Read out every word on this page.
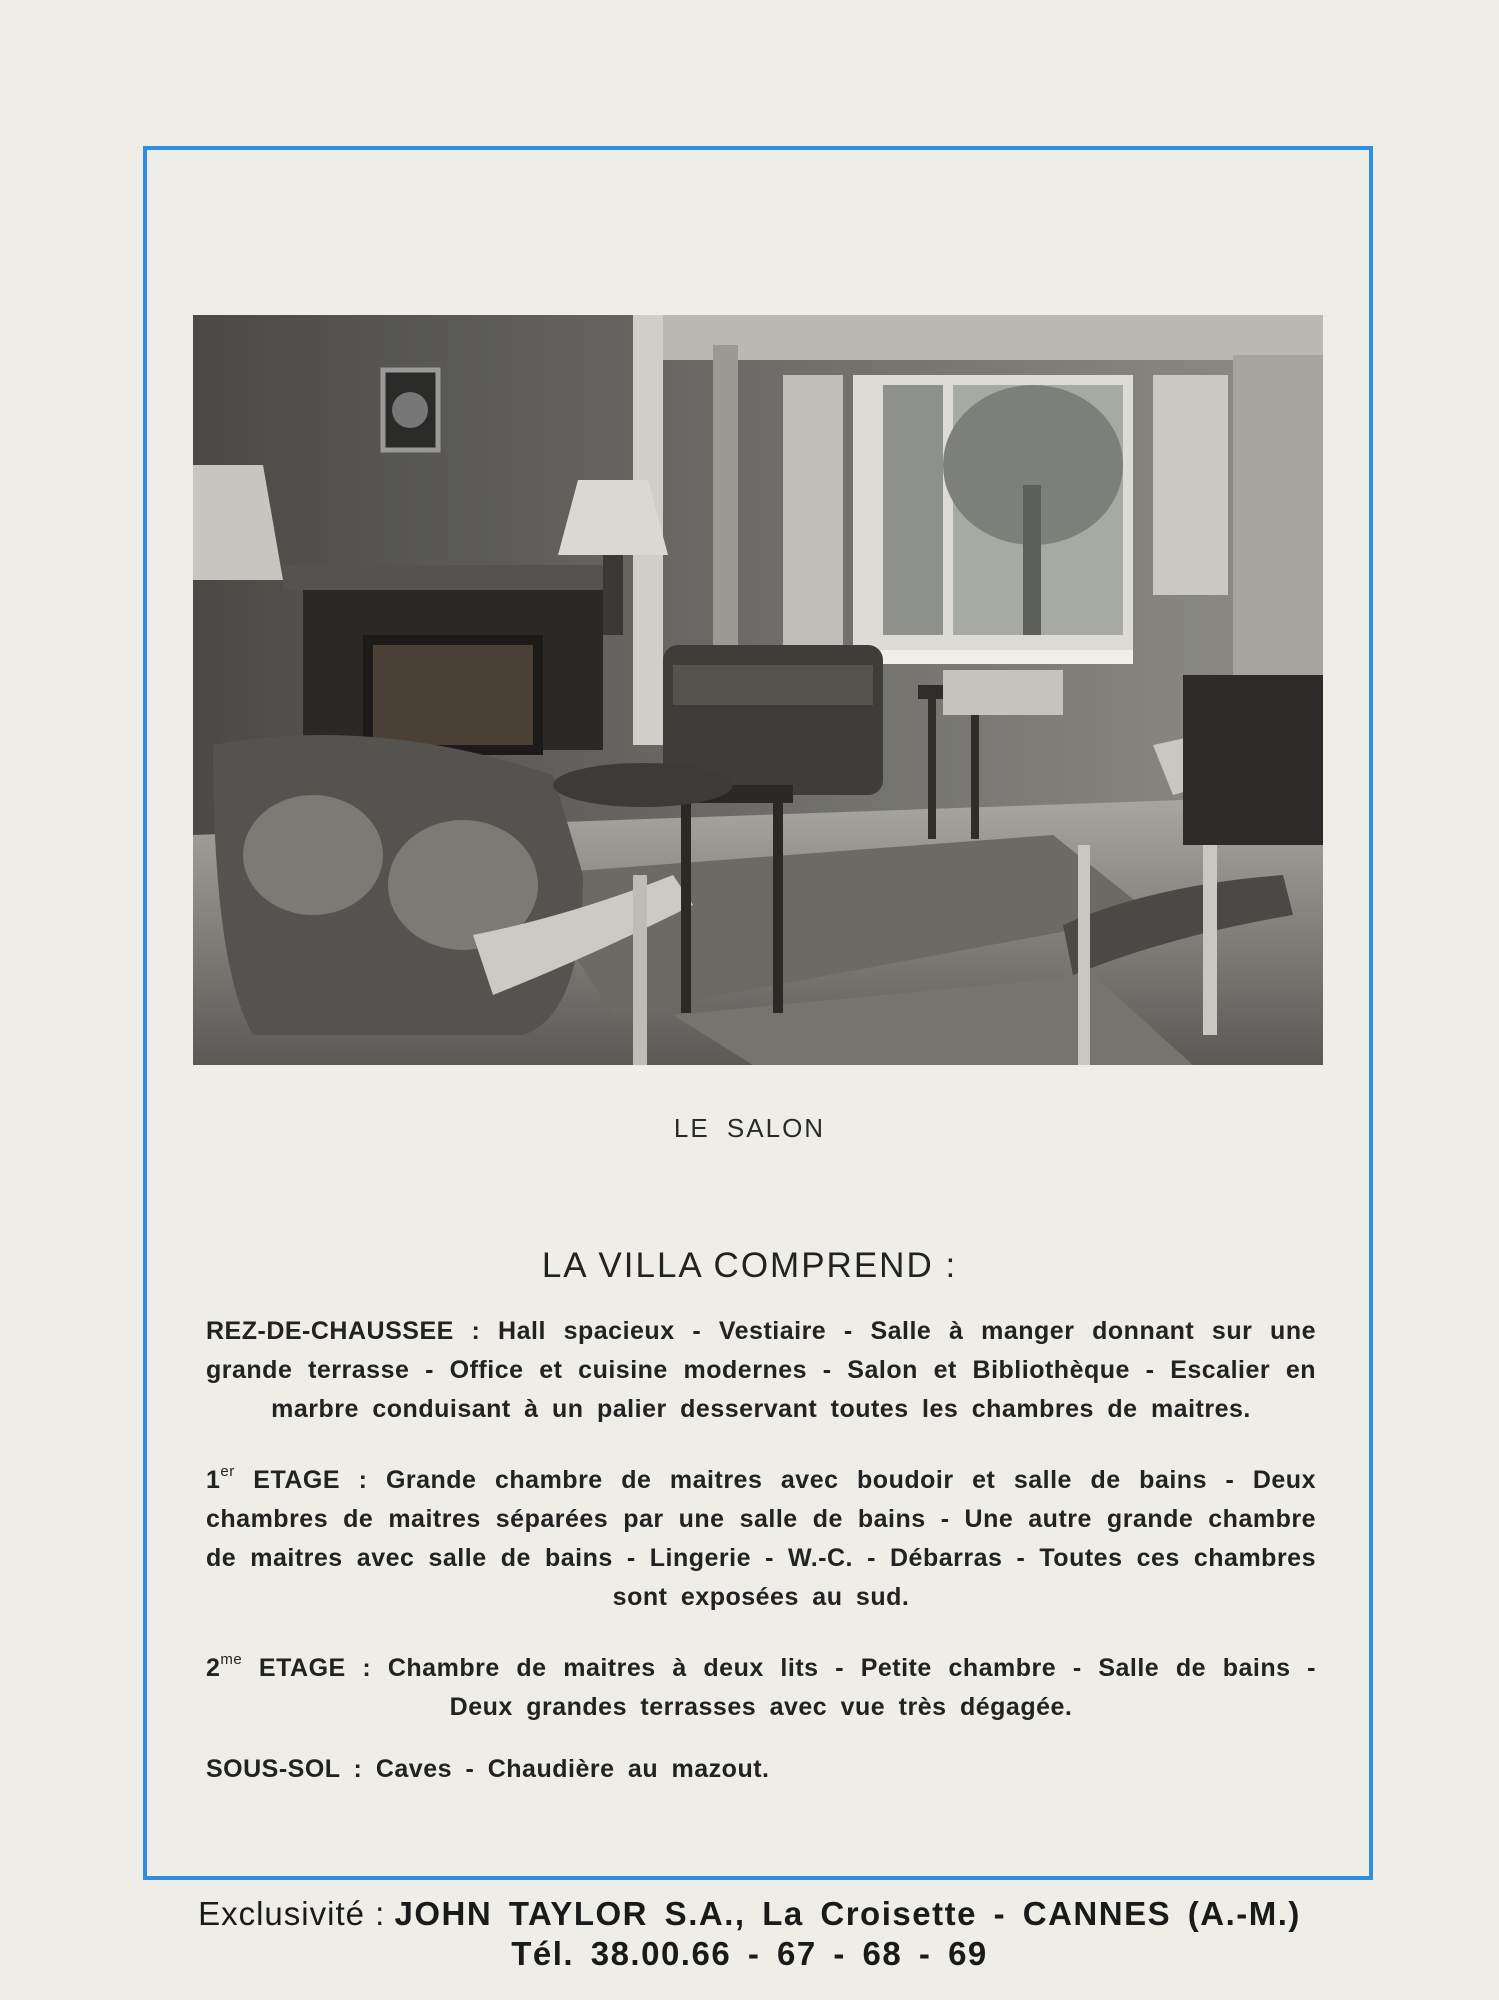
LE SALON
LA VILLA COMPREND :

REZ-DE-CHAUSSEE : Hall spacieux - Vestiaire - Salle à manger donnant sur une grande terrasse - Office et cuisine modernes - Salon et Bibliothèque - Escalier en marbre conduisant à un palier desservant toutes les chambres de maitres.

1er ETAGE : Grande chambre de maitres avec boudoir et salle de bains - Deux chambres de maitres séparées par une salle de bains - Une autre grande chambre de maitres avec salle de bains - Lingerie - W.-C. - Débarras - Toutes ces chambres sont exposées au sud.

$2^{me}$ ETAGE : Chambre de maitres à deux lits - Petite chambre - Salle de bains - Deux grandes terrasses avec vue très dégagée.

SOUS-SOL : Caves - Chaudière au mazout.

Exclusivité : JOHN TAYLOR S.A., La Croisette - CANNES (A.-M.)
Tél. 38.00.66 - 67 - 68 - 69
